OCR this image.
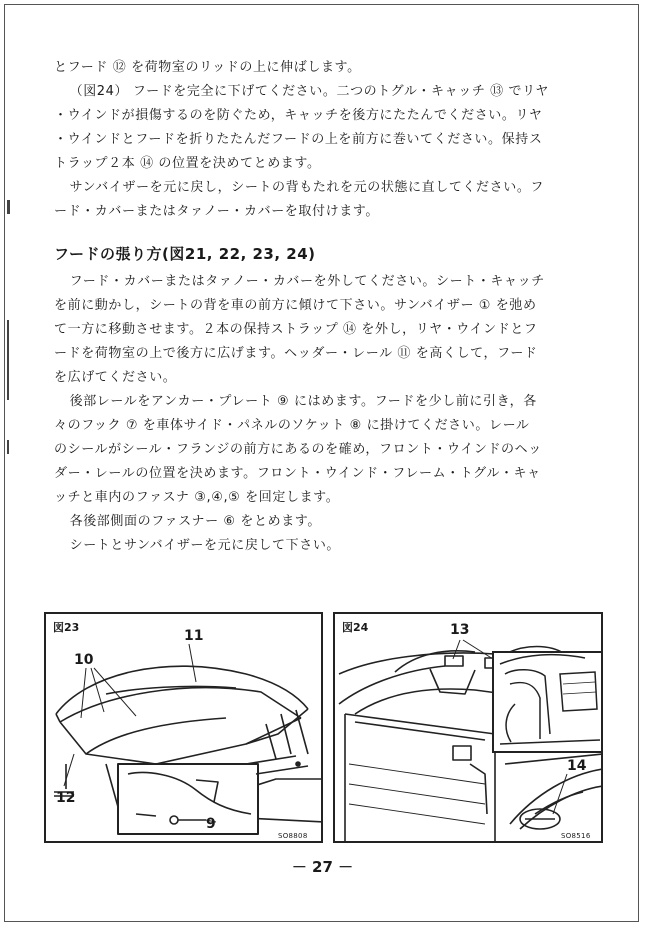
とフード ⑫ を荷物室のリッドの上に伸ばします。

（図24） フードを完全に下げてください。二つのトグル・キャッチ ⑬ でリヤ

・ウインドが損傷するのを防ぐため，キャッチを後方にたたんでください。リヤ

・ウインドとフードを折りたたんだフードの上を前方に巻いてください。保持ス

トラップ２本 ⑭ の位置を決めてとめます。

サンバイザーを元に戻し，シートの背もたれを元の状態に直してください。フ

ード・カバーまたはタァノー・カバーを取付けます。

フードの張り方(図21, 22, 23, 24)

フード・カバーまたはタァノー・カバーを外してください。シート・キャッチ

を前に動かし，シートの背を車の前方に傾けて下さい。サンバイザー ① を弛め

て一方に移動させます。２本の保持ストラップ ⑭ を外し，リヤ・ウインドとフ

ードを荷物室の上で後方に広げます。ヘッダー・レール ⑪ を高くして，フード

を広げてください。

後部レールをアンカー・プレート ⑨ にはめます。フードを少し前に引き，各

々のフック ⑦ を車体サイド・パネルのソケット ⑧ に掛けてください。レール

のシールがシール・フランジの前方にあるのを確め，フロント・ウインドのヘッ

ダー・レールの位置を決めます。フロント・ウインド・フレーム・トグル・キャ

ッチと車内のファスナ ③,④,⑤ を回定します。

各後部側面のファスナー ⑥ をとめます。

シートとサンバイザーを元に戻して下さい。

図23
11
10
12
9
SO8808
図24	13
14
SO8516
－ 27 －
